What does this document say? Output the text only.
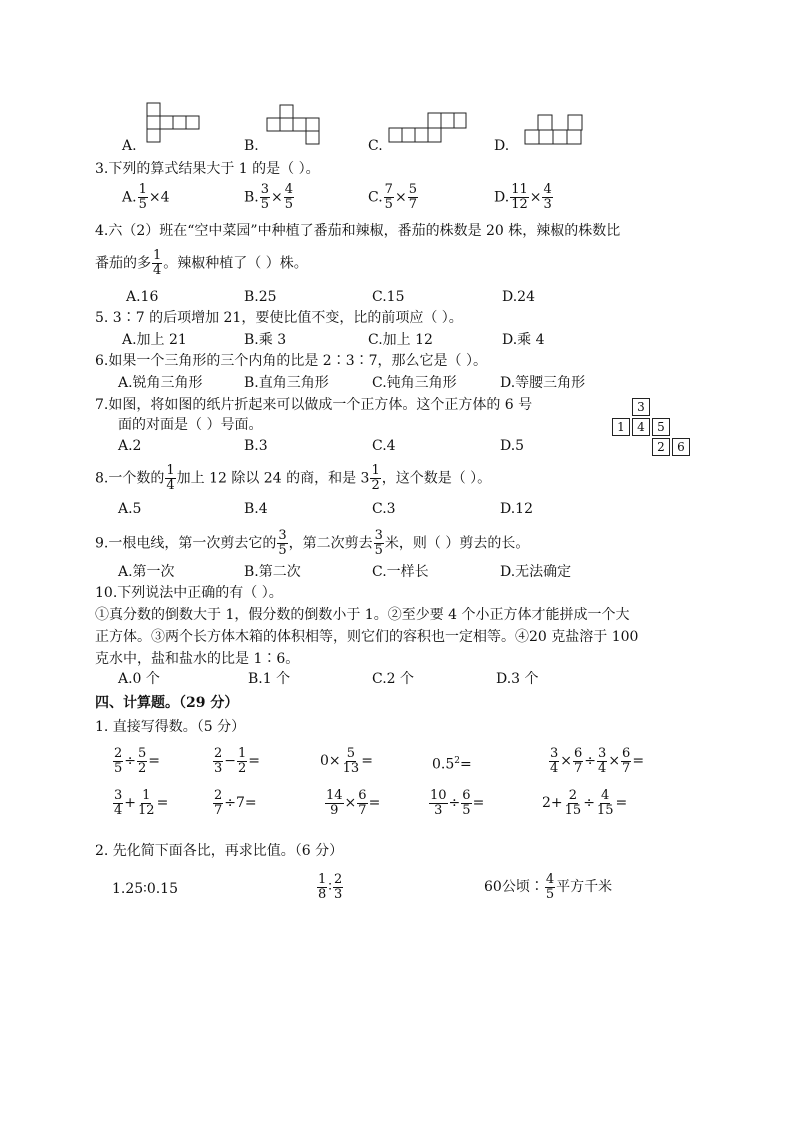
A.	B.	C.	D.
3.下列的算式结果大于 1 的是（ ）。
A. $\frac{1}{5} \times 4$	B. $\frac{3}{5} \times \frac{4}{5}$	C. $\frac{7}{5} \times \frac{5}{7}$	D. $\frac{11}{12} \times \frac{4}{3}$
4.六（2）班在“空中菜园”中种植了番茄和辣椒，番茄的株数是 20 株，辣椒的株数比
番茄的多 $\frac{1}{4}$ 。辣椒种植了（ ）株。
A.16	B.25	C.15	D.24
5. 3∶7 的后项增加 21，要使比值不变，比的前项应（ ）。
A.加上 21	B.乘 3	C.加上 12	D.乘 4
6.如果一个三角形的三个内角的比是 2∶3∶7，那么它是（ ）。
A.锐角三角形	B.直角三角形	C.钝角三角形	D.等腰三角形
7.如图，将如图的纸片折起来可以做成一个正方体。这个正方体的 6 号
面的对面是（ ）号面。
A.2	B.3	C.4	D.5
3
1	4	5
2	6
8.一个数的 $\frac{1}{4}$ 加上 12 除以 24 的商，和是 $3 \frac{1}{2}$ ，这个数是（ ）。
A.5	B.4	C.3	D.12
9.一根电线，第一次剪去它的 $\frac{3}{5}$ ，第二次剪去 $\frac{3}{5}$ 米，则（ ）剪去的长。
A.第一次	B.第二次	C.一样长	D.无法确定
10.下列说法中正确的有（ ）。
①真分数的倒数大于 1，假分数的倒数小于 1。②至少要 4 个小正方体才能拼成一个大
正方体。③两个长方体木箱的体积相等，则它们的容积也一定相等。④20 克盐溶于 100
克水中，盐和盐水的比是 1∶6。
A.0 个	B.1 个	C.2 个	D.3 个
四、计算题。（29 分）
1. 直接写得数。（5 分）
$\frac{2}{5} \div \frac{5}{2}$ =	$\frac{2}{3} - \frac{1}{2}$ =	$0\times \frac{5}{13}$ =	$0.5^2=$	$\frac{3}{4} \times \frac{6}{7} \div \frac{3}{4} \times \frac{6}{7}$ =
$\frac{3}{4} + \frac{1}{12}$ =	$\frac{2}{7} \div 7=$	$\frac{14}{9} \times \frac{6}{7}$ =	$\frac{10}{3} \div \frac{6}{5}$ =	$2+ \frac{2}{15} \div \frac{4}{15}$ =
2. 先化简下面各比，再求比值。（6 分）
1.25∶0.15	$\frac{1}{8}$ ∶ $\frac{2}{3}$	60公顷∶ $\frac{4}{5}$ 平方千米
